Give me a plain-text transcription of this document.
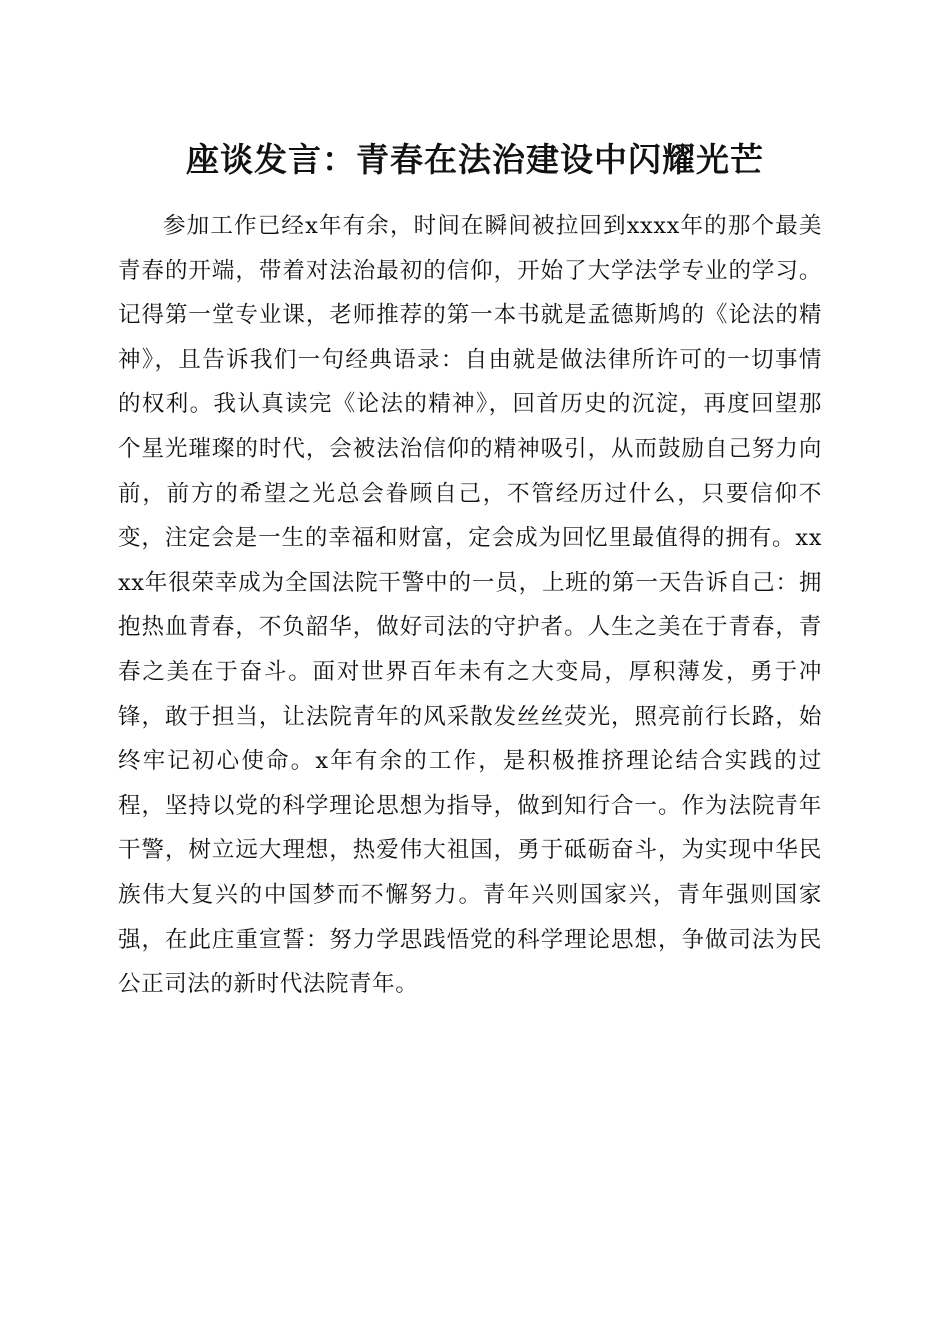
座谈发言：青春在法治建设中闪耀光芒

参加工作已经x年有余，时间在瞬间被拉回到xxxx年的那个最美青春的开端，带着对法治最初的信仰，开始了大学法学专业的学习。记得第一堂专业课，老师推荐的第一本书就是孟德斯鸠的《论法的精神》，且告诉我们一句经典语录：自由就是做法律所许可的一切事情的权利。我认真读完《论法的精神》，回首历史的沉淀，再度回望那个星光璀璨的时代，会被法治信仰的精神吸引，从而鼓励自己努力向前，前方的希望之光总会眷顾自己，不管经历过什么，只要信仰不变，注定会是一生的幸福和财富，定会成为回忆里最值得的拥有。xxxx年很荣幸成为全国法院干警中的一员，上班的第一天告诉自己：拥抱热血青春，不负韶华，做好司法的守护者。人生之美在于青春，青春之美在于奋斗。面对世界百年未有之大变局，厚积薄发，勇于冲锋，敢于担当，让法院青年的风采散发丝丝荧光，照亮前行长路，始终牢记初心使命。x年有余的工作，是积极推挤理论结合实践的过程，坚持以党的科学理论思想为指导，做到知行合一。作为法院青年干警，树立远大理想，热爱伟大祖国，勇于砥砺奋斗，为实现中华民族伟大复兴的中国梦而不懈努力。青年兴则国家兴，青年强则国家强，在此庄重宣誓：努力学思践悟党的科学理论思想，争做司法为民公正司法的新时代法院青年。
